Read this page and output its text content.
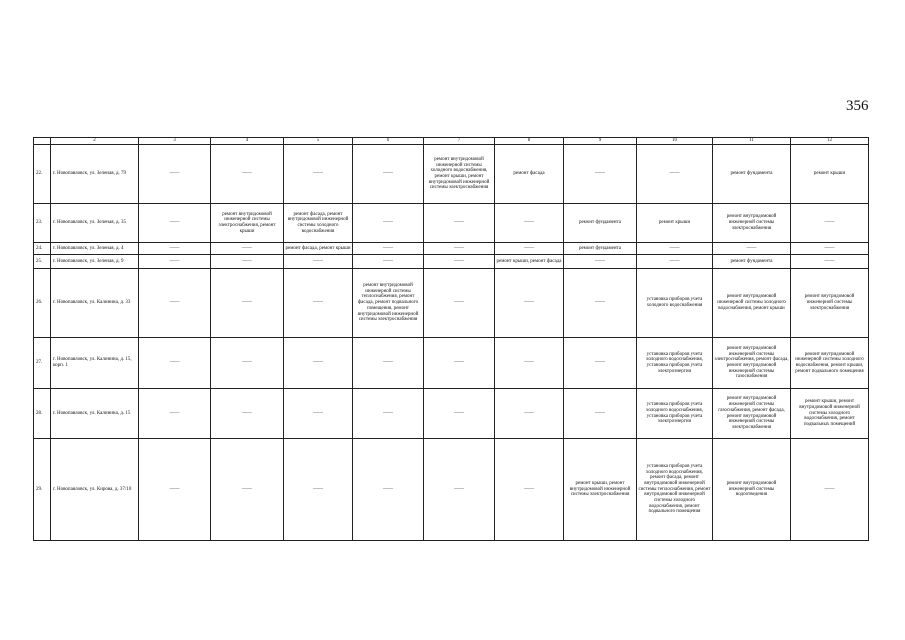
356
	2	3	4	5	6	7	8	9	10	11	12
22.	г. Новопавловск, ул. Зеленая, д. 79	——	——	——	——	ремонт внутридомовой инженерной системы холодного водоснабжения, ремонт крыши, ремонт внутридомовой инженерной системы электроснабжения	ремонт фасада	——	——	ремонт фундамента	ремонт крыши
23.	г. Новопавловск, ул. Зеленая, д. 35	——	ремонт внутридомовой инженерной системы электроснабжения, ремонт крыши	ремонт фасада, ремонт внутридомовой инженерной системы холодного водоснабжения	——	——	——	ремонт фундамента	ремонт крыши	ремонт внутридомовой инженерной системы электроснабжения	——
24.	г. Новопавловск, ул. Зеленая, д. 4	——	——	ремонт фасада, ремонт крыши	——	——	——	ремонт фундамента	——	——	——
25.	г. Новопавловск, ул. Зеленая, д. 9	——	——	——	——	——	ремонт крыши, ремонт фасада	——	——	ремонт фундамента	——
26.	г. Новопавловск, ул. Калинина, д. 33	——	——	——	ремонт внутридомовой инженерной системы теплоснабжения, ремонт фасада, ремонт подвального помещения, ремонт внутридомовой инженерной системы электроснабжения	——	——	——	установка приборов учета холодного водоснабжения	ремонт внутридомовой инженерной системы холодного водоснабжения, ремонт крыши	ремонт внутридомовой инженерной системы электроснабжения
27.	г. Новопавловск, ул. Калинина, д. 15, корп. 1	——	——	——	——	——	——	——	установка приборов учета холодного водоснабжения, установка приборов учета электроэнергии	ремонт внутридомовой инженерной системы электроснабжения, ремонт фасада, ремонт внутридомовой инженерной системы газоснабжения	ремонт внутридомовой инженерной системы холодного водоснабжения, ремонт крыши, ремонт подвального помещения
28.	г. Новопавловск, ул. Калинина, д. 15	——	——	——	——	——	——	——	установка приборов учета холодного водоснабжения, установка приборов учета электроэнергии	ремонт внутридомовой инженерной системы газоснабжения, ремонт фасада, ремонт внутридомовой инженерной системы электроснабжения	ремонт крыши, ремонт внутридомовой инженерной системы холодного водоснабжения, ремонт подвальных помещений
29.	г. Новопавловск, ул. Кирова, д. 37/10	——	——	——	——	——	——	ремонт крыши, ремонт внутридомовой инженерной системы электроснабжения	установка приборов учета холодного водоснабжения, ремонт фасада, ремонт внутридомовой инженерной системы теплоснабжения, ремонт внутридомовой инженерной системы холодного водоснабжения, ремонт подвального помещения	ремонт внутридомовой инженерной системы водоотведения	——
